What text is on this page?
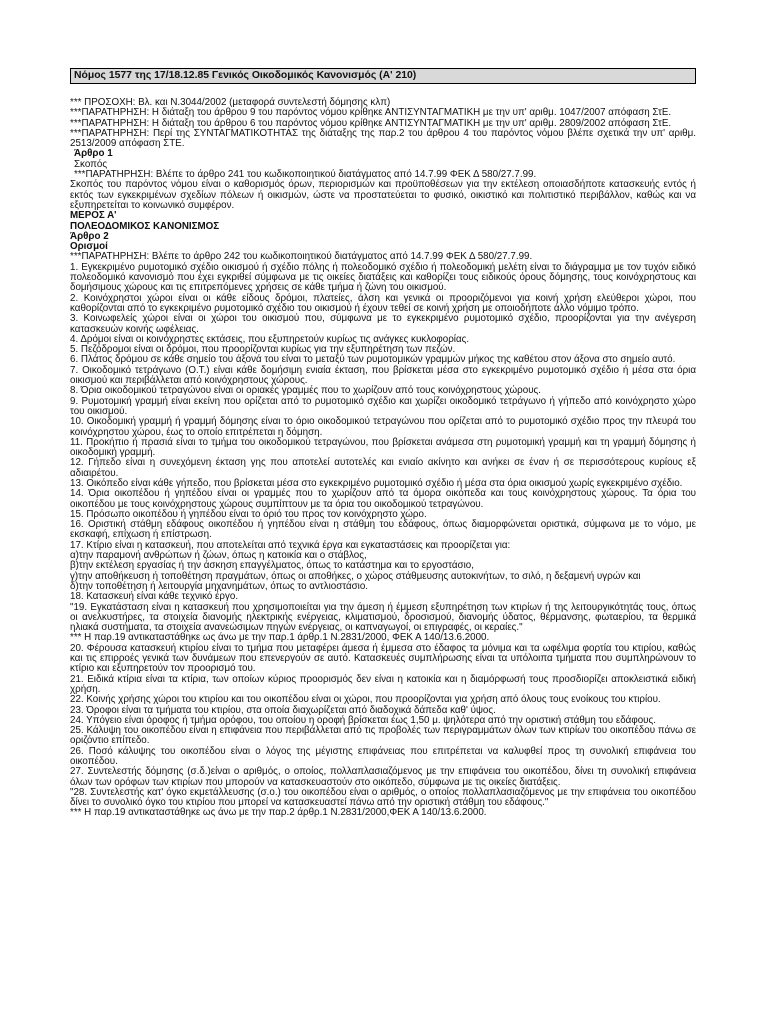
Νόμος 1577 της 17/18.12.85 Γενικός Οικοδομικός Κανονισμός (Α' 210)

*** ΠΡΟΣΟΧΗ: Βλ. και Ν.3044/2002 (μεταφορά συντελεστή δόμησης κλπ)

***ΠΑΡΑΤΗΡΗΣΗ: Η διάταξη του άρθρου 9 του παρόντος νόμου κρίθηκε ΑΝΤΙΣΥΝΤΑΓΜΑΤΙΚΗ με την υπ' αριθμ. 1047/2007 απόφαση ΣτΕ.

***ΠΑΡΑΤΗΡΗΣΗ: Η διάταξη του άρθρου 6 του παρόντος νόμου κρίθηκε ΑΝΤΙΣΥΝΤΑΓΜΑΤΙΚΗ με την υπ' αριθμ. 2809/2002 απόφαση ΣτΕ.

***ΠΑΡΑΤΗΡΗΣΗ: Περί της ΣΥΝΤΑΓΜΑΤΙΚΟΤΗΤΑΣ της διάταξης της παρ.2 του άρθρου 4 του παρόντος νόμου βλέπε σχετικά την υπ' αριθμ. 2513/2009 απόφαση ΣΤΕ.

Άρθρο 1

Σκοπός

***ΠΑΡΑΤΗΡΗΣΗ: Βλέπε το άρθρο 241 του κωδικοποιητικού διατάγματος από 14.7.99 ΦΕΚ Δ 580/27.7.99.

Σκοπός του παρόντος νόμου είναι ο καθορισμός όρων, περιορισμών και προϋποθέσεων για την εκτέλεση οποιασδήποτε κατασκευής εντός ή εκτός των εγκεκριμένων σχεδίων πόλεων ή οικισμών, ώστε να προστατεύεται το φυσικό, οικιστικό και πολιτιστικό περιβάλλον, καθώς και να εξυπηρετείται το κοινωνικό συμφέρον.

ΜΕΡΟΣ Α'

ΠΟΛΕΟΔΟΜΙΚΟΣ ΚΑΝΟΝΙΣΜΟΣ

Άρθρο 2

Ορισμοί

***ΠΑΡΑΤΗΡΗΣΗ: Βλέπε το άρθρο 242 του κωδικοποιητικού διατάγματος από 14.7.99 ΦΕΚ Δ 580/27.7.99.

1. Εγκεκριμένο ρυμοτομικό σχέδιο οικισμού ή σχέδιο πόλης ή πολεοδομικό σχέδιο ή πολεοδομική μελέτη είναι το διάγραμμα με τον τυχόν ειδικό πολεοδομικό κανονισμό που έχει εγκριθεί σύμφωνα με τις οικείες διατάξεις και καθορίζει τους ειδικούς όρους δόμησης, τους κοινόχρηστους και δομήσιμους χώρους και τις επιτρεπόμενες χρήσεις σε κάθε τμήμα ή ζώνη του οικισμού.

2. Κοινόχρηστοι χώροι είναι οι κάθε είδους δρόμοι, πλατείες, άλση και γενικά οι προοριζόμενοι για κοινή χρήση ελεύθεροι χώροι, που καθορίζονται από το εγκεκριμένο ρυμοτομικό σχέδιο του οικισμού ή έχουν τεθεί σε κοινή χρήση με οποιοδήποτε άλλο νόμιμο τρόπο.

3. Κοινωφελείς χώροι είναι οι χώροι του οικισμού που, σύμφωνα με το εγκεκριμένο ρυμοτομικό σχέδιο, προορίζονται για την ανέγερση κατασκευών κοινής ωφέλειας.

4. Δρόμοι είναι οι κοινόχρηστες εκτάσεις, που εξυπηρετούν κυρίως τις ανάγκες κυκλοφορίας.

5. Πεζόδρομοι είναι οι δρόμοι, που προορίζονται κυρίως για την εξυπηρέτηση των πεζών.

6. Πλάτος δρόμου σε κάθε σημείο του άξονά του είναι το μεταξύ των ρυμοτομικών γραμμών μήκος της καθέτου στον άξονα στο σημείο αυτό.

7. Οικοδομικό τετράγωνο (Ο.Τ.) είναι κάθε δομήσιμη ενιαία έκταση, που βρίσκεται μέσα στο εγκεκριμένο ρυμοτομικό σχέδιο ή μέσα στα όρια οικισμού και περιβάλλεται από κοινόχρηστους χώρους.

8. Όρια οικοδομικού τετραγώνου είναι οι οριακές γραμμές που το χωρίζουν από τους κοινόχρηστους χώρους.

9. Ρυμοτομική γραμμή είναι εκείνη που ορίζεται από το ρυμοτομικό σχέδιο και χωρίζει οικοδομικό τετράγωνο ή γήπεδο από κοινόχρηστο χώρο του οικισμού.

10. Οικοδομική γραμμή ή γραμμή δόμησης είναι το όριο οικοδομικού τετραγώνου που ορίζεται από το ρυμοτομικό σχέδιο προς την πλευρά του κοινόχρηστου χώρου, έως το οποίο επιτρέπεται η δόμηση.

11. Προκήπιο ή πρασιά είναι το τμήμα του οικοδομικού τετραγώνου, που βρίσκεται ανάμεσα στη ρυμοτομική γραμμή και τη γραμμή δόμησης ή οικοδομική γραμμή.

12. Γήπεδο είναι η συνεχόμενη έκταση γης που αποτελεί αυτοτελές και ενιαίο ακίνητο και ανήκει σε έναν ή σε περισσότερους κυρίους εξ αδιαιρέτου.

13. Οικόπεδο είναι κάθε γήπεδο, που βρίσκεται μέσα στο εγκεκριμένο ρυμοτομικό σχέδιο ή μέσα στα όρια οικισμού χωρίς εγκεκριμένο σχέδιο.

14. Όρια οικοπέδου ή γηπέδου είναι οι γραμμές που το χωρίζουν από τα όμορα οικόπεδα και τους κοινόχρηστους χώρους. Τα όρια του οικοπέδου με τους κοινόχρηστους χώρους συμπίπτουν με τα όρια του οικοδομικού τετραγώνου.

15. Πρόσωπο οικοπέδου ή γηπέδου είναι το όριό του προς τον κοινόχρηστο χώρο.

16. Οριστική στάθμη εδάφους οικοπέδου ή γηπέδου είναι η στάθμη του εδάφους, όπως διαμορφώνεται οριστικά, σύμφωνα με το νόμο, με εκσκαφή, επίχωση ή επίστρωση.

17. Κτίριο είναι η κατασκευή, που αποτελείται από τεχνικά έργα και εγκαταστάσεις και προορίζεται για:

α)την παραμονή ανθρώπων ή ζώων, όπως η κατοικία και ο στάβλος,

β)την εκτέλεση εργασίας ή την άσκηση επαγγέλματος, όπως το κατάστημα και το εργοστάσιο,

γ)την αποθήκευση ή τοποθέτηση πραγμάτων, όπως οι αποθήκες, ο χώρος στάθμευσης αυτοκινήτων, το σιλό, η δεξαμενή υγρών και

δ)την τοποθέτηση ή λειτουργία μηχανημάτων, όπως το αντλιοστάσιο.

18. Κατασκευή είναι κάθε τεχνικό έργο.

"19. Εγκατάσταση είναι η κατασκευή που χρησιμοποιείται για την άμεση ή έμμεση εξυπηρέτηση των κτιρίων ή της λειτουργικότητάς τους, όπως οι ανελκυστήρες, τα στοιχεία διανομής ηλεκτρικής ενέργειας, κλιματισμού, δροσισμού, διανομής ύδατος, θέρμανσης, φωταερίου, τα θερμικά ηλιακά συστήματα, τα στοιχεία ανανεώσιμων πηγών ενέργειας, οι καπναγωγοί, οι επιγραφές, οι κεραίες."

*** Η παρ.19 αντικαταστάθηκε ως άνω με την παρ.1 άρθρ.1 Ν.2831/2000, ΦΕΚ Α 140/13.6.2000.

20. Φέρουσα κατασκευή κτιρίου είναι το τμήμα που μεταφέρει άμεσα ή έμμεσα στο έδαφος τα μόνιμα και τα ωφέλιμα φορτία του κτιρίου, καθώς και τις επιρροές γενικά των δυνάμεων που επενεργούν σε αυτό. Κατασκευές συμπλήρωσης είναι τα υπόλοιπα τμήματα που συμπληρώνουν το κτίριο και εξυπηρετούν τον προορισμό του.

21. Ειδικά κτίρια είναι τα κτίρια, των οποίων κύριος προορισμός δεν είναι η κατοικία και η διαμόρφωσή τους προσδιορίζει αποκλειστικά ειδική χρήση.

22. Κοινής χρήσης χώροι του κτιρίου και του οικοπέδου είναι οι χώροι, που προορίζονται για χρήση από όλους τους ενοίκους του κτιρίου.

23. Όροφοι είναι τα τμήματα του κτιρίου, στα οποία διαχωρίζεται από διαδοχικά δάπεδα καθ' ύψος.

24. Υπόγειο είναι όροφος ή τμήμα ορόφου, του οποίου η οροφή βρίσκεται έως 1,50 μ. ψηλότερα από την οριστική στάθμη του εδάφους.

25. Κάλυψη του οικοπέδου είναι η επιφάνεια που περιβάλλεται από τις προβολές των περιγραμμάτων όλων των κτιρίων του οικοπέδου πάνω σε οριζόντιο επίπεδο.

26. Ποσό κάλυψης του οικοπέδου είναι ο λόγος της μέγιστης επιφάνειας που επιτρέπεται να καλυφθεί προς τη συνολική επιφάνεια του οικοπέδου.

27. Συντελεστής δόμησης (σ.δ.)είναι ο αριθμός, ο οποίος, πολλαπλασιαζόμενος με την επιφάνεια του οικοπέδου, δίνει τη συνολική επιφάνεια όλων των ορόφων των κτιρίων που μπορούν να κατασκευαστούν στο οικόπεδο, σύμφωνα με τις οικείες διατάξεις.

"28. Συντελεστής κατ' όγκο εκμετάλλευσης (σ.ο.) του οικοπέδου είναι ο αριθμός, ο οποίος πολλαπλασιαζόμενος με την επιφάνεια του οικοπέδου δίνει το συνολικό όγκο του κτιρίου που μπορεί να κατασκευαστεί πάνω από την οριστική στάθμη του εδάφους."

*** Η παρ.19 αντικαταστάθηκε ως άνω με την παρ.2 άρθρ.1 Ν.2831/2000,ΦΕΚ Α 140/13.6.2000.
